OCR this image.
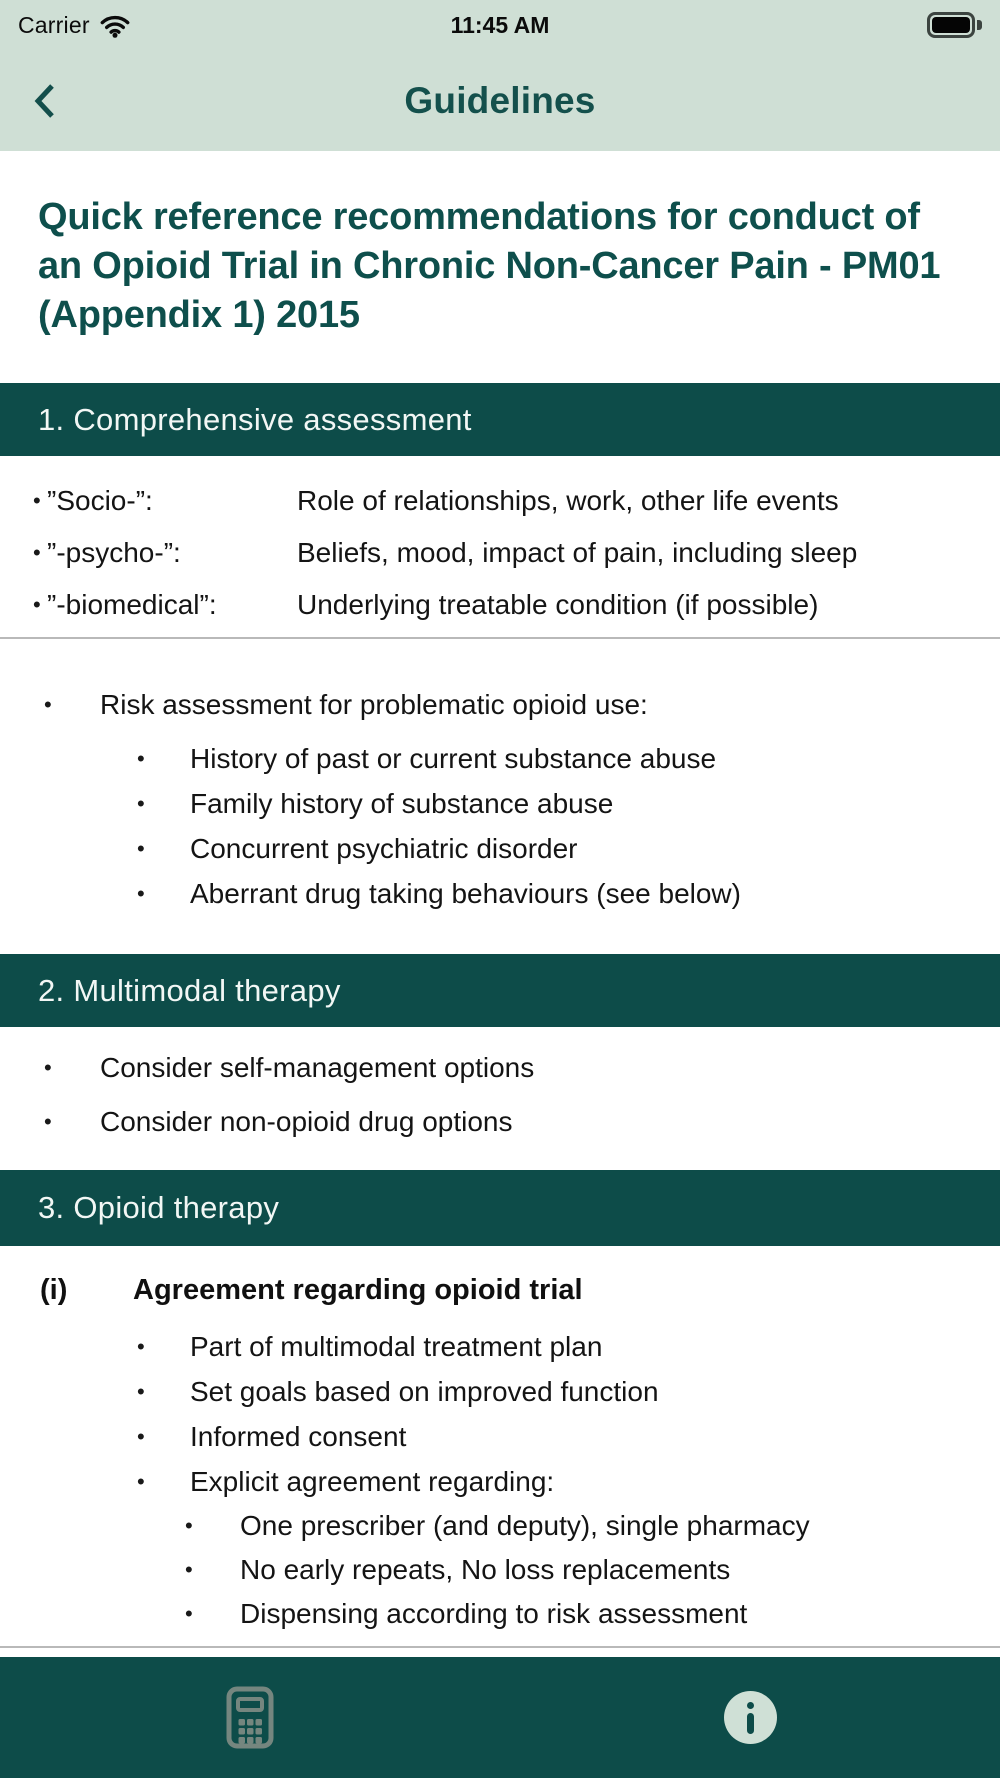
Carrier	11:45 AM
Guidelines
Quick reference recommendations for conduct of an Opioid Trial in Chronic Non-Cancer Pain - PM01 (Appendix 1) 2015
1. Comprehensive assessment
• ”Socio-”:	Role of relationships, work, other life events
• ”-psycho-”:	Beliefs, mood, impact of pain, including sleep
• ”-biomedical”:	Underlying treatable condition (if possible)
• Risk assessment for problematic opioid use:
• History of past or current substance abuse
• Family history of substance abuse
• Concurrent psychiatric disorder
• Aberrant drug taking behaviours (see below)
2. Multimodal therapy
• Consider self-management options
• Consider non-opioid drug options
3. Opioid therapy
(i)	Agreement regarding opioid trial
• Part of multimodal treatment plan
• Set goals based on improved function
• Informed consent
• Explicit agreement regarding:
• One prescriber (and deputy), single pharmacy
• No early repeats, No loss replacements
• Dispensing according to risk assessment
